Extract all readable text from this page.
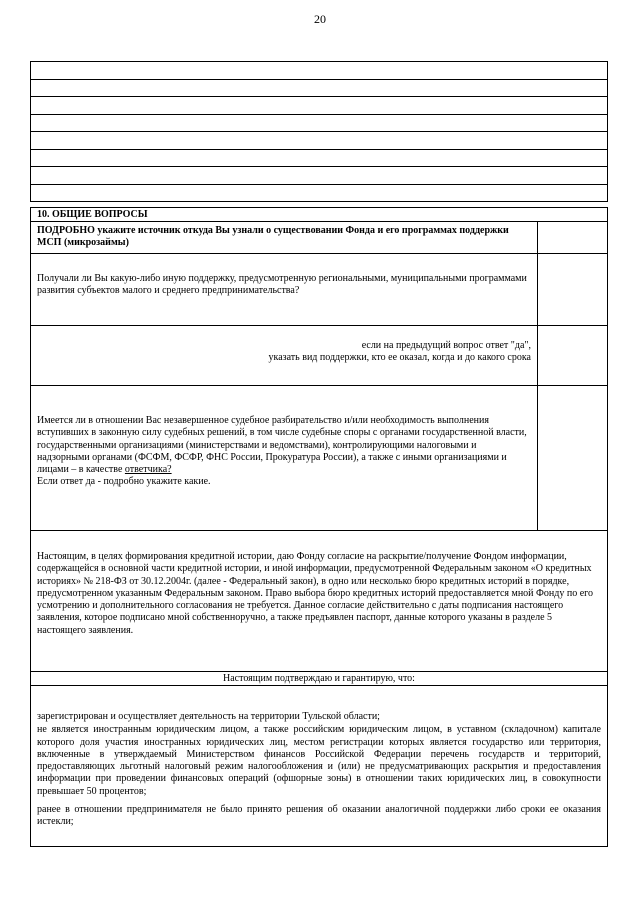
20
10. ОБЩИЕ ВОПРОСЫ
ПОДРОБНО укажите источник откуда Вы узнали о существовании Фонда и его программах поддержки МСП (микрозаймы)
Получали ли Вы какую-либо иную поддержку, предусмотренную региональными, муниципальными программами развития субъектов малого и среднего предпринимательства?
если на предыдущий вопрос ответ "да",
указать вид поддержки, кто ее оказал, когда и до какого срока
Имеется ли в отношении Вас незавершенное судебное разбирательство и/или необходимость выполнения вступивших в законную силу судебных решений, в том числе судебные споры с органами государственной власти, государственными организациями (министерствами и ведомствами), контролирующими налоговыми и надзорными органами (ФСФМ, ФСФР, ФНС России, Прокуратура России), а также с иными организациями и лицами – в качестве ответчика?
Если ответ да - подробно укажите какие.
Настоящим, в целях формирования кредитной истории, даю Фонду согласие на раскрытие/получение Фондом информации, содержащейся в основной части кредитной истории, и иной информации, предусмотренной Федеральным законом «О кредитных историях» № 218-ФЗ от 30.12.2004г. (далее - Федеральный закон), в одно или несколько бюро кредитных историй в порядке, предусмотренном указанным Федеральным законом. Право выбора бюро кредитных историй предоставляется мной Фонду по его усмотрению и дополнительного согласования не требуется. Данное согласие действительно с даты подписания настоящего заявления, которое подписано мной собственноручно, а также предъявлен паспорт, данные которого указаны в разделе 5 настоящего заявления.
Настоящим подтверждаю и гарантирую, что:
зарегистрирован и осуществляет деятельность на территории Тульской области;
не является иностранным юридическим лицом, а также российским юридическим лицом, в уставном (складочном) капитале которого доля участия иностранных юридических лиц, местом регистрации которых является государство или территория, включенные в утверждаемый Министерством финансов Российской Федерации перечень государств и территорий, предоставляющих льготный налоговый режим налогообложения и (или) не предусматривающих раскрытия и предоставления информации при проведении финансовых операций (офшорные зоны) в отношении таких юридических лиц, в совокупности превышает 50 процентов;
ранее в отношении предпринимателя не было принято решения об оказании аналогичной поддержки либо сроки ее оказания истекли;
